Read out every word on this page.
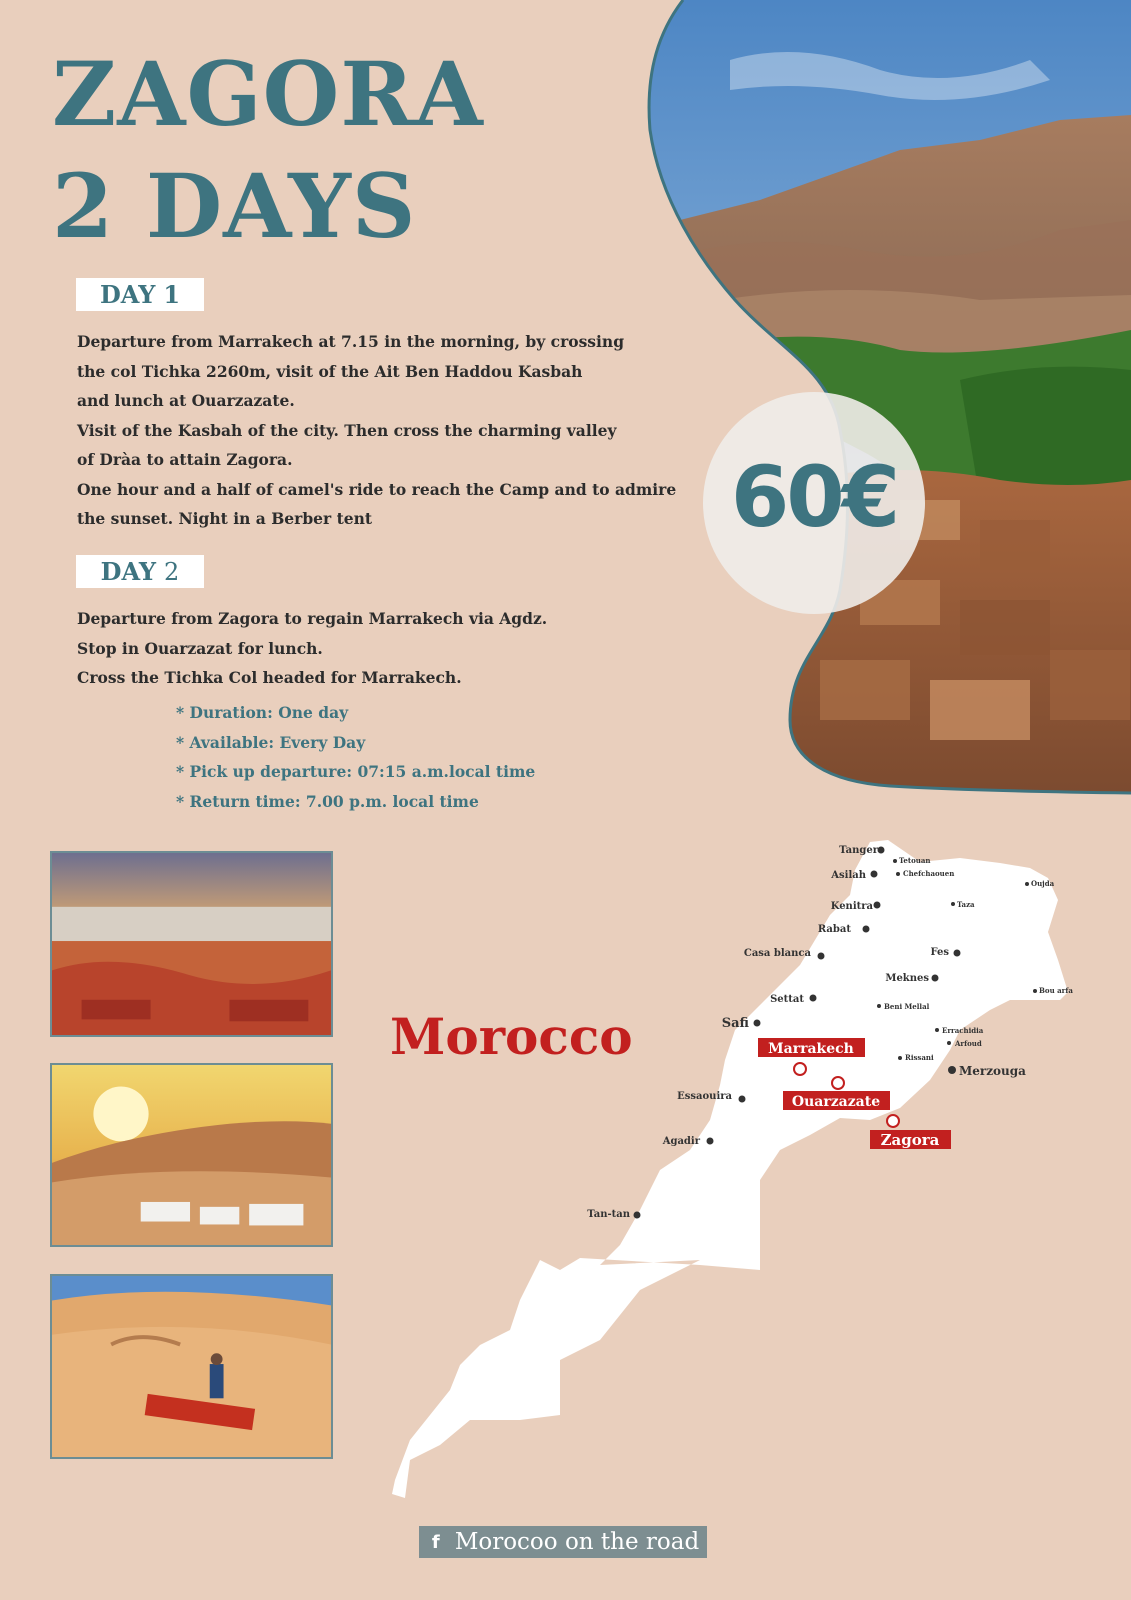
ZAGORA
2 DAYS
60€
DAY 1
Departure from Marrakech at 7.15 in the morning, by crossing
the col Tichka 2260m, visit of the Ait Ben Haddou Kasbah
and lunch at Ouarzazate.
Visit of the Kasbah of the city. Then cross the charming valley
of Dràa to attain Zagora.
One hour and a half of camel's ride to reach the Camp and to admire
the sunset. Night in a Berber tent
DAY 2
Departure from Zagora to regain Marrakech via Agdz.
Stop in Ouarzazat for lunch.
Cross the Tichka Col headed for Marrakech.
* Duration: One day
* Available: Every Day
* Pick up departure: 07:15 a.m.local time
* Return time: 7.00 p.m. local time
Tanger
Tetouan
Asilah	Chefchaouen
Oujda
Kenitra	Taza
Rabat
Casa blanca	Fes
Meknes
Bou arfa
Settat
Beni Mellal
Safi	Errachidia
Arfoud
Rissani
Merzouga
Essaouira
Agadir
Tan-tan
Marrakech
Ouarzazate
Zagora
Morocco
f Morocoo on the road
